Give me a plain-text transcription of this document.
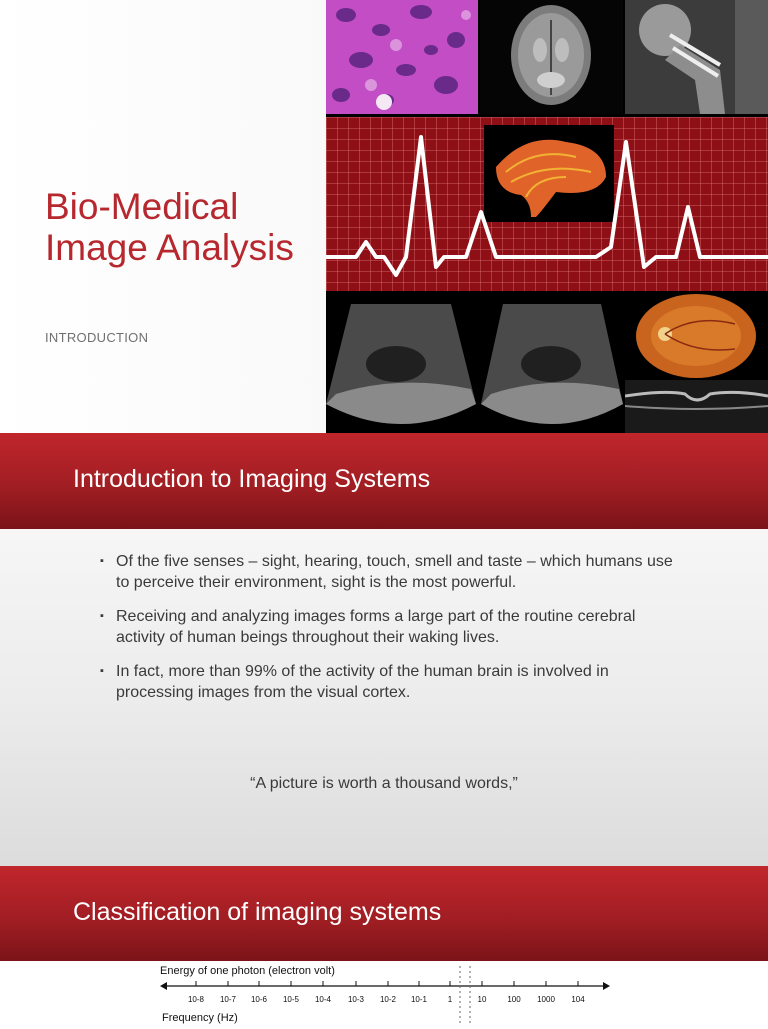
Bio-Medical Image Analysis
INTRODUCTION
Introduction to Imaging Systems
▪ Of the five senses – sight, hearing, touch, smell and taste – which humans use to perceive their environment, sight is the most powerful.
▪ Receiving and analyzing images forms a large part of the routine cerebral activity of human beings throughout their waking lives.
▪ In fact, more than 99% of the activity of the human brain is involved in processing images from the visual cortex.
“A picture is worth a thousand words,”
Classification of imaging systems
Energy of one photon (electron volt)
10-8 10-7 10-6 10-5 10-4 10-3 10-2 10-1	1	10	100 1000 104
Frequency (Hz)
